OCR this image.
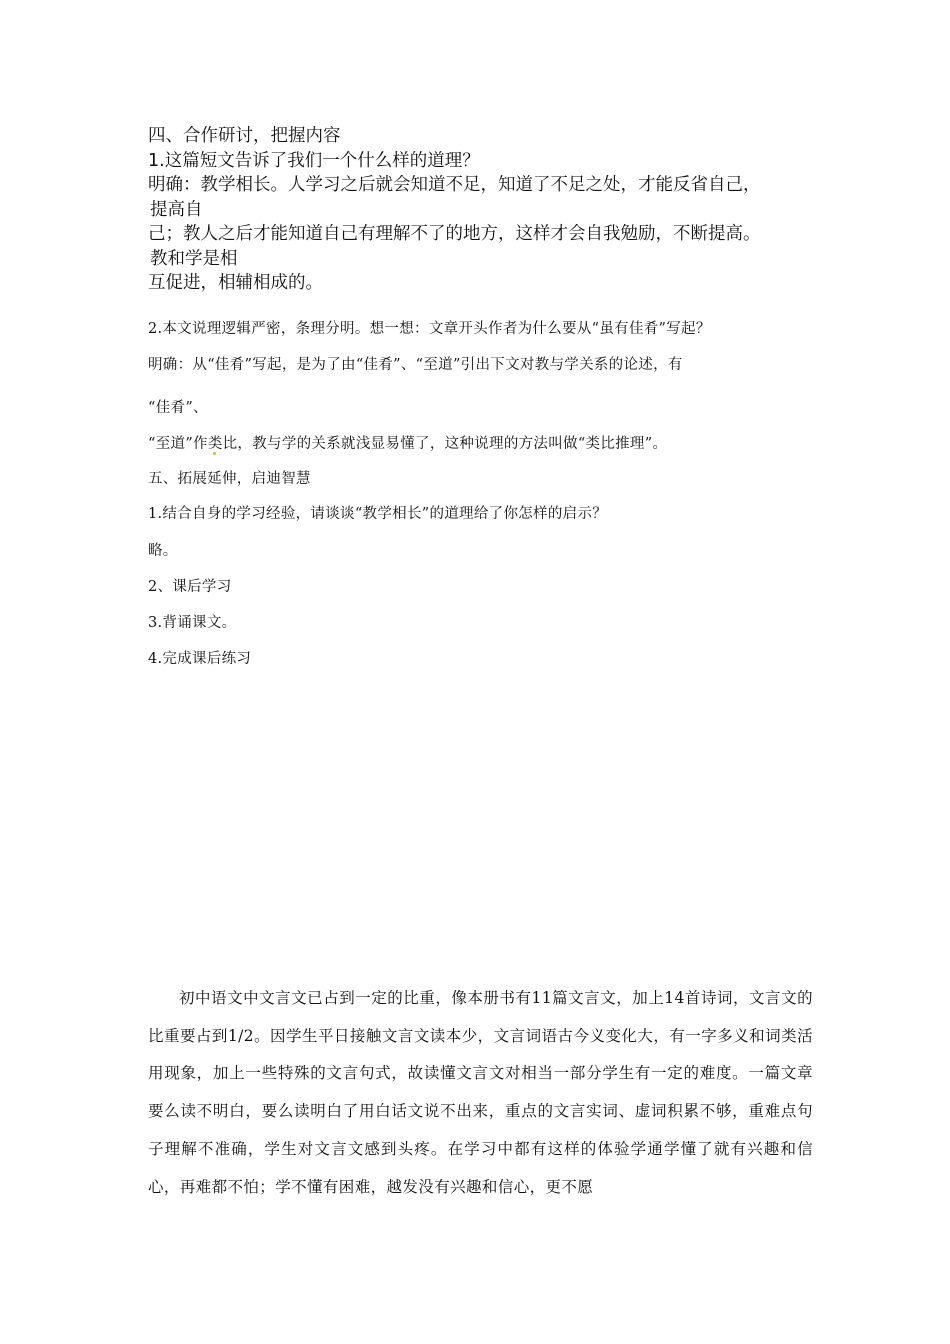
四、合作研讨，把握内容
1.这篇短文告诉了我们一个什么样的道理？
明确：教学相长。人学习之后就会知道不足，知道了不足之处，才能反省自己，
提高自
己；教人之后才能知道自己有理解不了的地方，这样才会自我勉励，不断提高。
教和学是相
互促进，相辅相成的。
2.本文说理逻辑严密，条理分明。想一想：文章开头作者为什么要从“虽有佳肴”写起？
明确：从“佳肴”写起，是为了由“佳肴”、“至道”引出下文对教与学关系的论述，有
“佳肴”、
“至道”作类比，教与学的关系就浅显易懂了，这种说理的方法叫做“类比推理”。
五、拓展延伸，启迪智慧
1.结合自身的学习经验，请谈谈“教学相长”的道理给了你怎样的启示？
略。
2、课后学习
3.背诵课文。
4.完成课后练习
初中语文中文言文已占到一定的比重，像本册书有11篇文言文，加上14首诗词，文言文的比重要占到1/2。因学生平日接触文言文读本少，文言词语古今义变化大，有一字多义和词类活用现象，加上一些特殊的文言句式，故读懂文言文对相当一部分学生有一定的难度。一篇文章要么读不明白，要么读明白了用白话文说不出来，重点的文言实词、虚词积累不够，重难点句子理解不准确，学生对文言文感到头疼。在学习中都有这样的体验学通学懂了就有兴趣和信心，再难都不怕；学不懂有困难，越发没有兴趣和信心，更不愿
